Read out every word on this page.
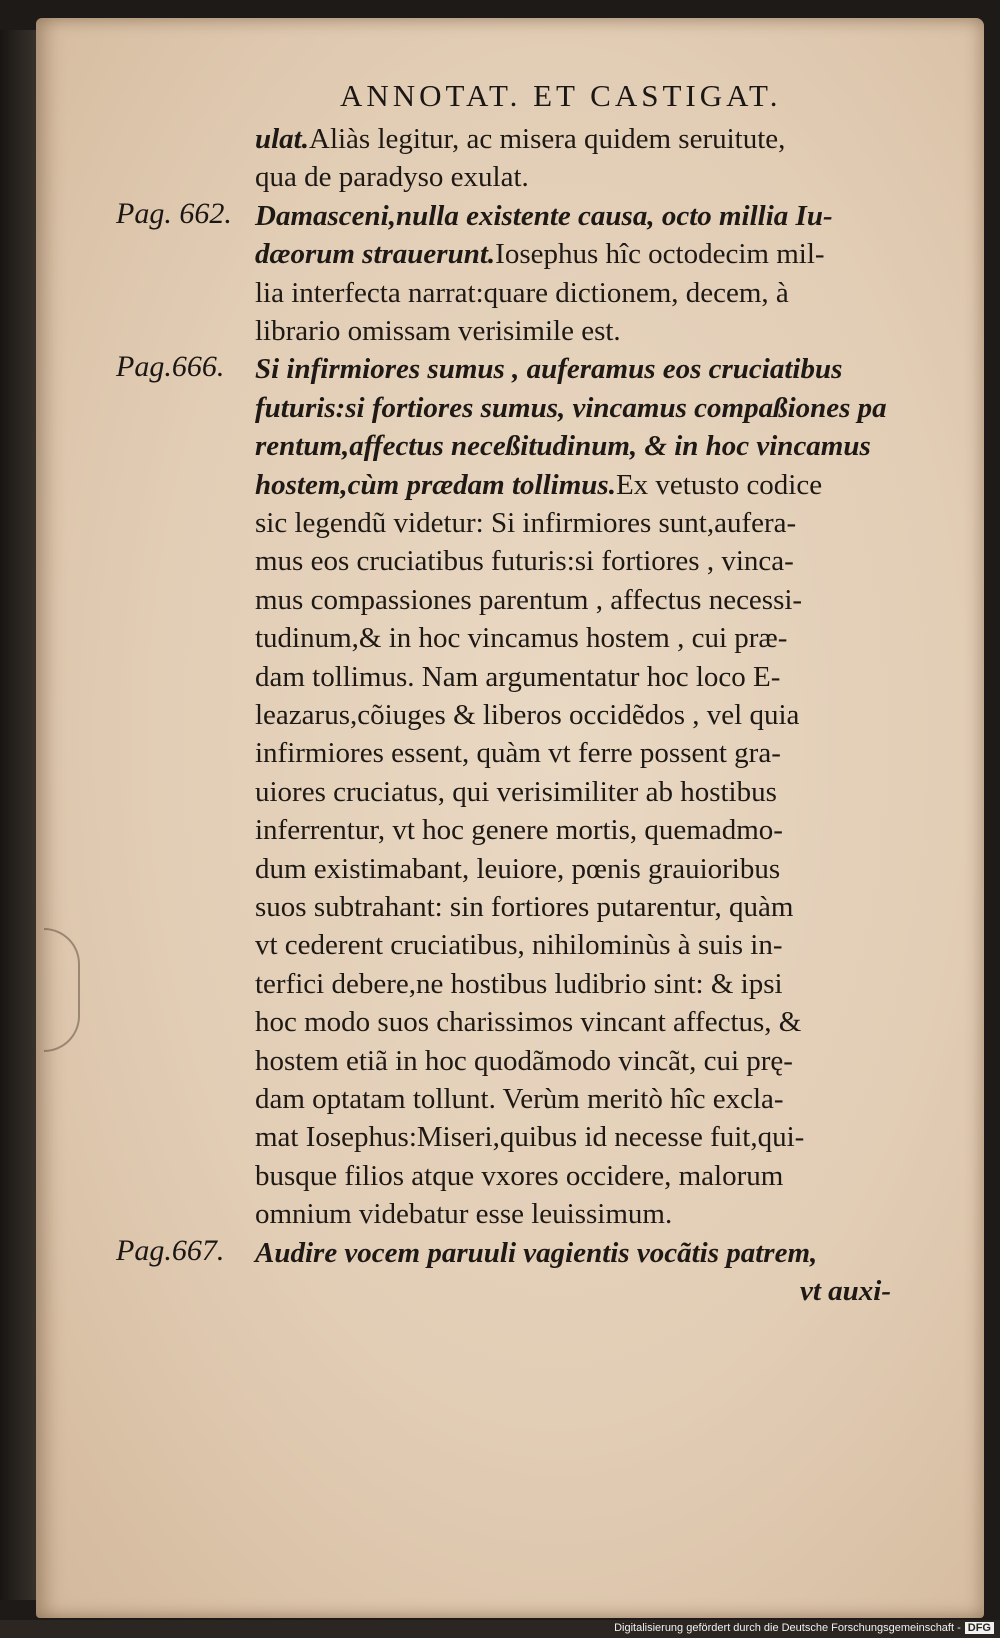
ANNOTAT. ET CASTIGAT.
ulat.Aliàs legitur, ac misera quidem seruitute,
qua de paradyso exulat.
Pag. 662. Damasceni,nulla existente causa, octo millia Iu-
dæorum strauerunt.Iosephus hîc octodecim mil-
lia interfecta narrat:quare dictionem, decem, à
librario omissam verisimile est.
Pag.666. Si infirmiores sumus , auferamus eos cruciatibus
futuris:si fortiores sumus, vincamus compaßiones pa
rentum,affectus neceßitudinum, & in hoc vincamus
hostem,cùm prædam tollimus.Ex vetusto codice
sic legendũ videtur: Si infirmiores sunt,aufera-
mus eos cruciatibus futuris:si fortiores , vinca-
mus compassiones parentum , affectus necessi-
tudinum,& in hoc vincamus hostem , cui præ-
dam tollimus. Nam argumentatur hoc loco E-
leazarus,cõiuges & liberos occidẽdos , vel quia
infirmiores essent, quàm vt ferre possent gra-
uiores cruciatus, qui verisimiliter ab hostibus
inferrentur, vt hoc genere mortis, quemadmo-
dum existimabant, leuiore, pœnis grauioribus
suos subtrahant: sin fortiores putarentur, quàm
vt cederent cruciatibus, nihilominùs à suis in-
terfici debere,ne hostibus ludibrio sint: & ipsi
hoc modo suos charissimos vincant affectus, &
hostem etiã in hoc quodãmodo vincãt, cui prę-
dam optatam tollunt. Verùm meritò hîc excla-
mat Iosephus:Miseri,quibus id necesse fuit,qui-
busque filios atque vxores occidere, malorum
omnium videbatur esse leuissimum.
Pag.667. Audire vocem paruuli vagientis vocãtis patrem,
vt auxi-
Digitalisierung gefördert durch die Deutsche Forschungsgemeinschaft - DFG
